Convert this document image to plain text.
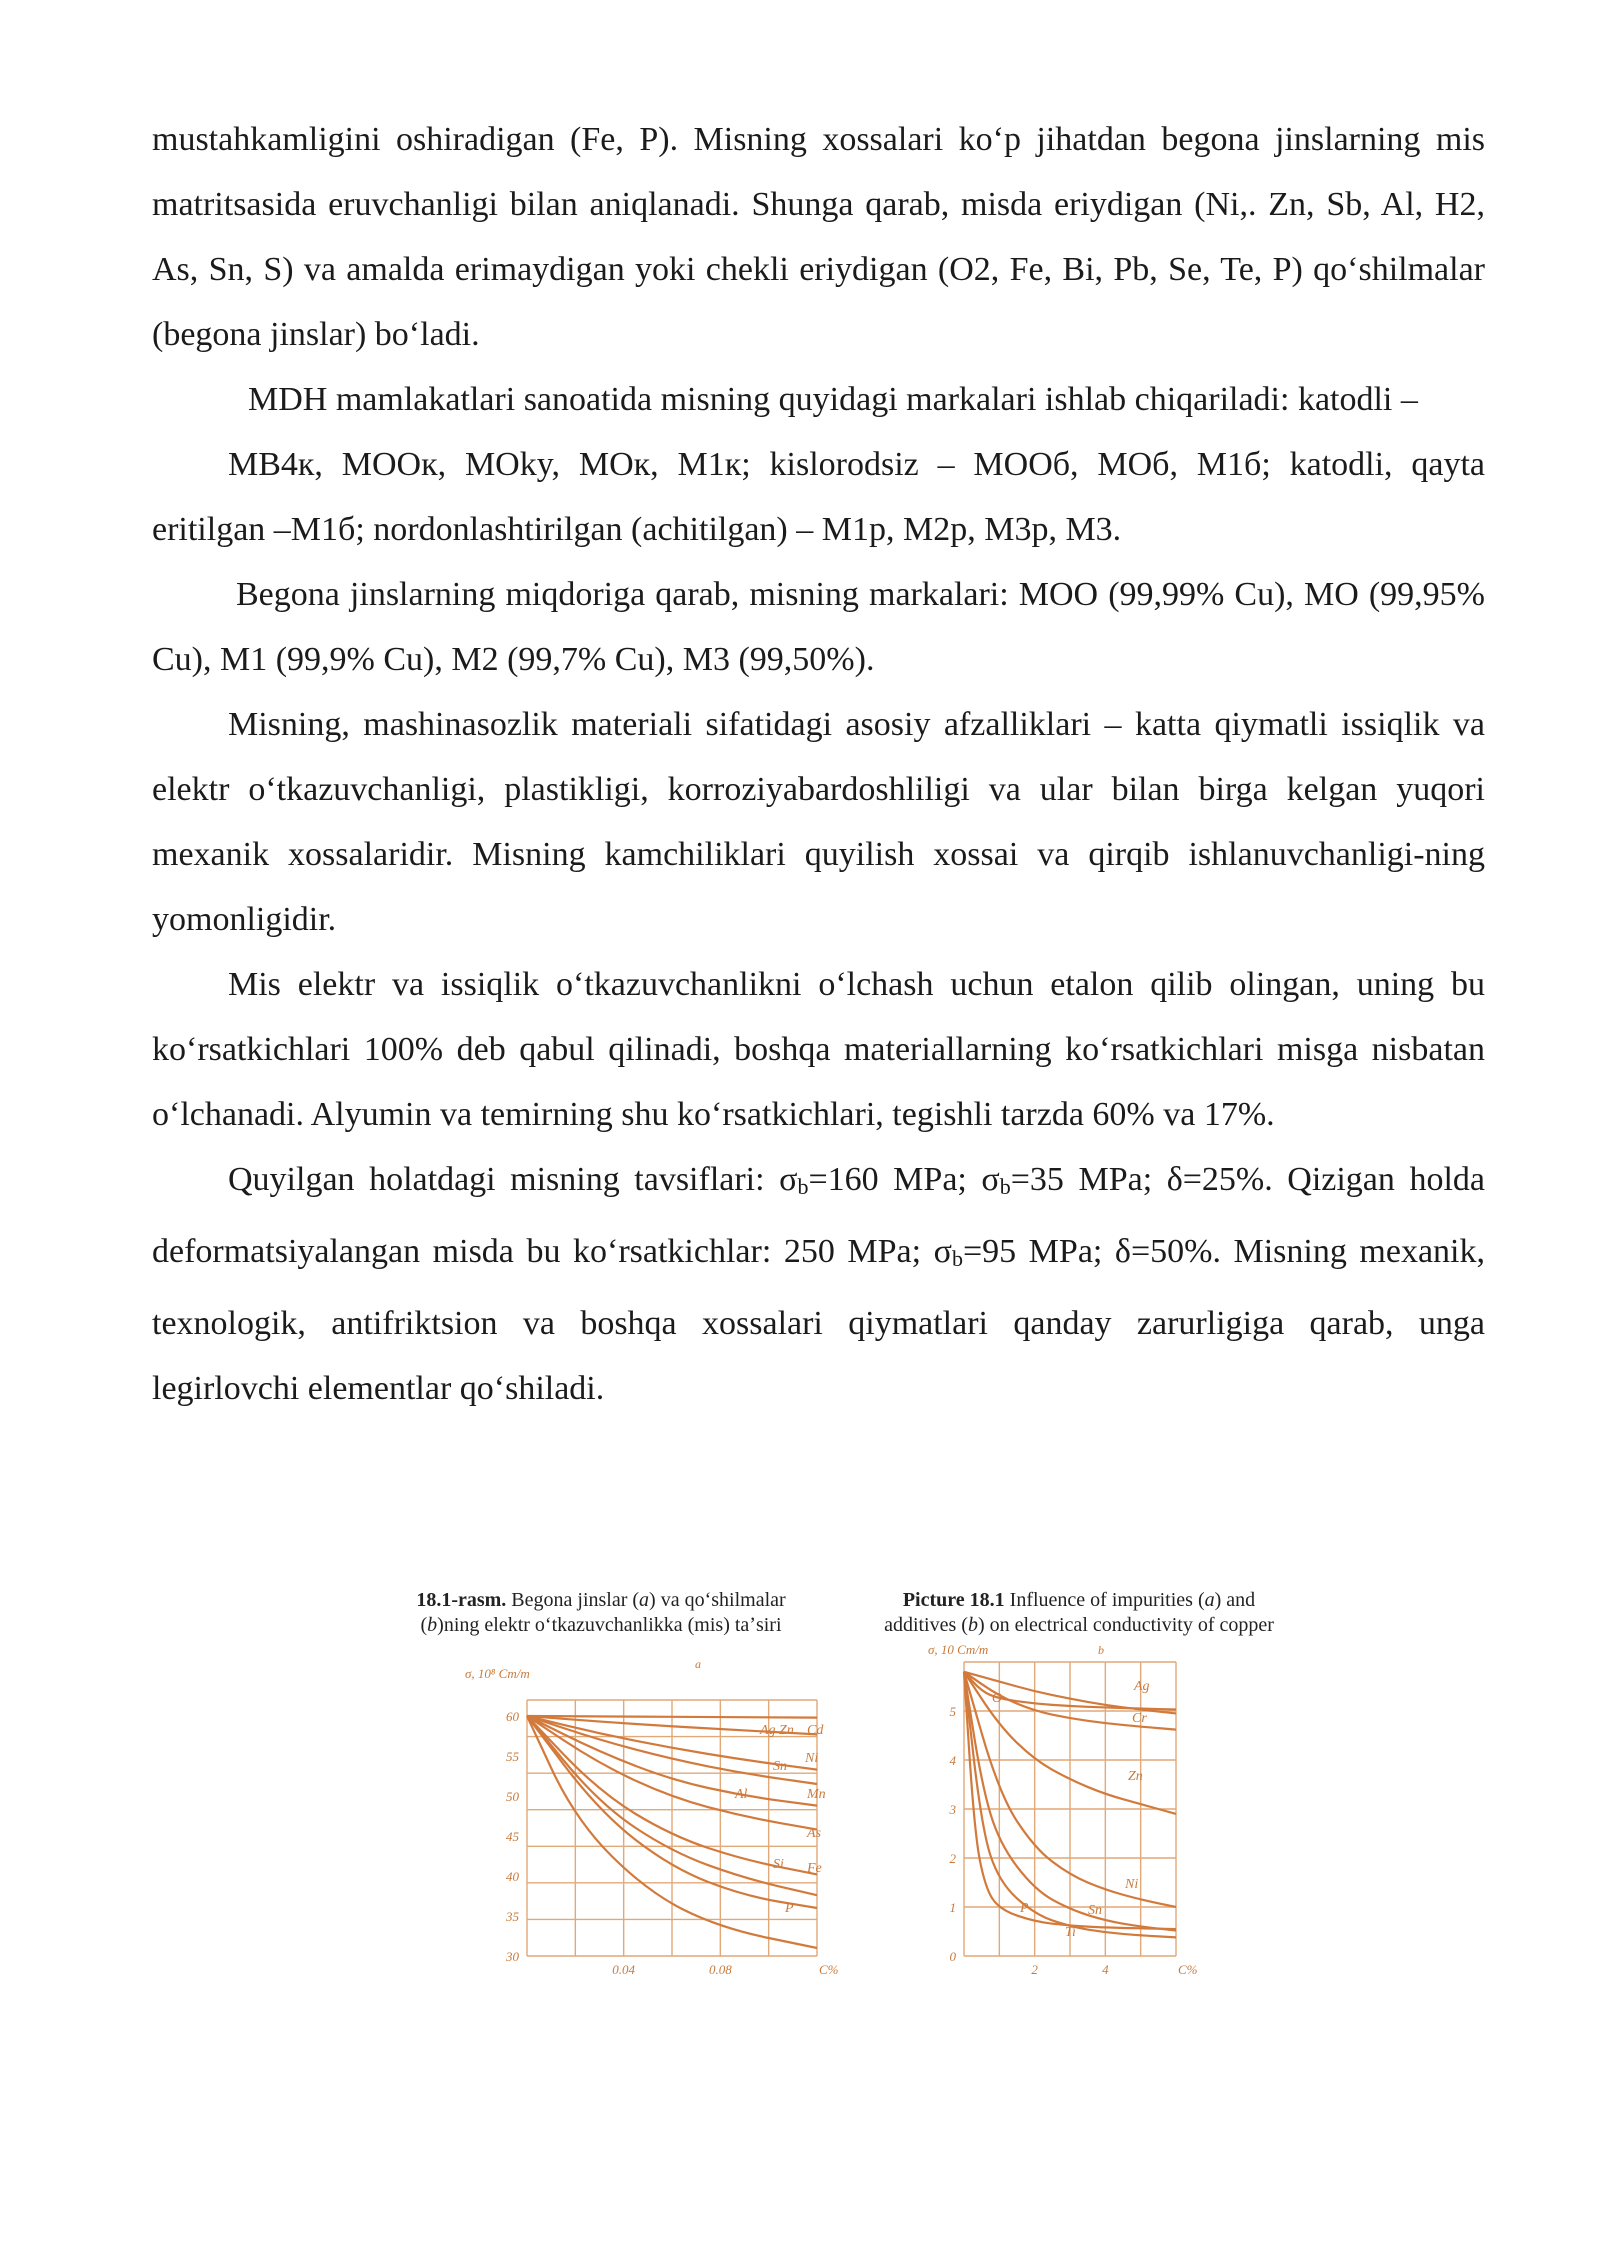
mustahkamligini oshiradigan (Fe, P). Misning xossalari koʻp jihatdan begona jinslarning mis matritsasida eruvchanligi bilan aniqlanadi. Shunga qarab, misda eriydigan (Ni,. Zn, Sb, Al, H2, As, Sn, S) va amalda erimaydigan yoki chekli eriydigan (O2, Fe, Bi, Pb, Se, Te, P) qoʻshilmalar (begona jinslar) boʻladi.

MDH mamlakatlari sanoatida misning quyidagi markalari ishlab chiqariladi: katodli –

МВ4к, МООк, МОky, МОк, М1к; kislorodsiz – МООб, МОб, М1б; katodli, qayta eritilgan –М1б; nordonlashtirilgan (achitilgan) – М1р, М2р, М3р, М3.

Begona jinslarning miqdoriga qarab, misning markalari: МОО (99,99% Cu), МО (99,95% Cu), М1 (99,9% Cu), М2 (99,7% Cu), М3 (99,50%).

Misning, mashinasozlik materiali sifatidagi asosiy afzalliklari – katta qiymatli issiqlik va elektr oʻtkazuvchanligi, plastikligi, korroziyabardoshliligi va ular bilan birga kelgan yuqori mexanik xossalaridir. Misning kamchiliklari quyilish xossai va qirqib ishlanuvchanligi-ning yomonligidir.

Mis elektr va issiqlik oʻtkazuvchanlikni oʻlchash uchun etalon qilib olingan, uning bu koʻrsatkichlari 100% deb qabul qilinadi, boshqa materiallarning koʻrsatkichlari misga nisbatan oʻlchanadi. Alyumin va temirning shu koʻrsatkichlari, tegishli tarzda 60% va 17%.

Quyilgan holatdagi misning tavsiflari: σb=160 MPa; σb=35 MPa; δ=25%. Qizigan holda deformatsiyalangan misda bu koʻrsatkichlar: 250 MPa; σb=95 MPa; δ=50%. Misning mexanik, texnologik, antifriktsion va boshqa xossalari qiymatlari qanday zarurligiga qarab, unga legirlovchi elementlar qoʻshiladi.

18.1-rasm. Begona jinslar (a) va qoʻshilmalar
(b)ning elektr oʻtkazuvchanlikka (mis) taʼsiri
Picture 18.1 Influence of impurities (a) and
additives (b) on electrical conductivity of copper
30
35
40
45
50
55
60
0.04	0.08
σ, 10⁸ Cm/m
C%
a
Ag Zn Cd
Ni
Sn
Al	Mn
As
Si Fe
P
0
1
2
3
4
5
2	4
σ, 10 Cm/m
C%
b
O
Ag
Cr
Zn
Ni
Sn
Ti
P
